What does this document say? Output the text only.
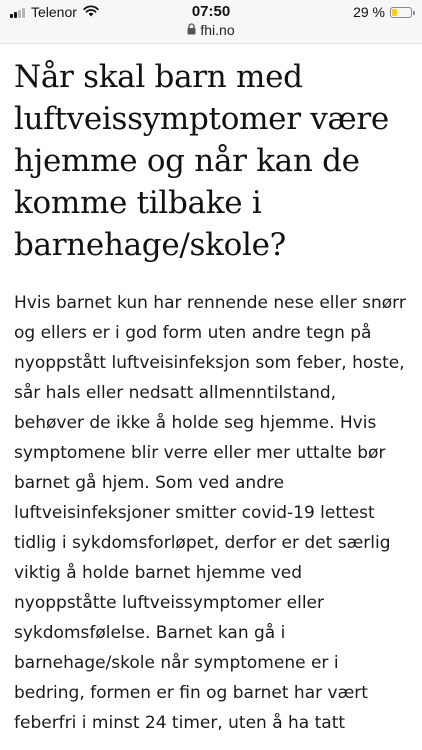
Telenor	07:50
fhi.no
29 %
Når skal barn med luftveissymptomer være hjemme og når kan de komme tilbake i barnehage/skole?

Hvis barnet kun har rennende nese eller snørr og ellers er i god form uten andre tegn på nyoppstått luftveisinfeksjon som feber, hoste, sår hals eller nedsatt allmenntilstand, behøver de ikke å holde seg hjemme. Hvis symptomene blir verre eller mer uttalte bør barnet gå hjem. Som ved andre luftveisinfeksjoner smitter covid-19 lettest tidlig i sykdomsforløpet, derfor er det særlig viktig å holde barnet hjemme ved nyoppståtte luftveissymptomer eller sykdomsfølelse. Barnet kan gå i barnehage/skole når symptomene er i bedring, formen er fin og barnet har vært feberfri i minst 24 timer, uten å ha tatt
